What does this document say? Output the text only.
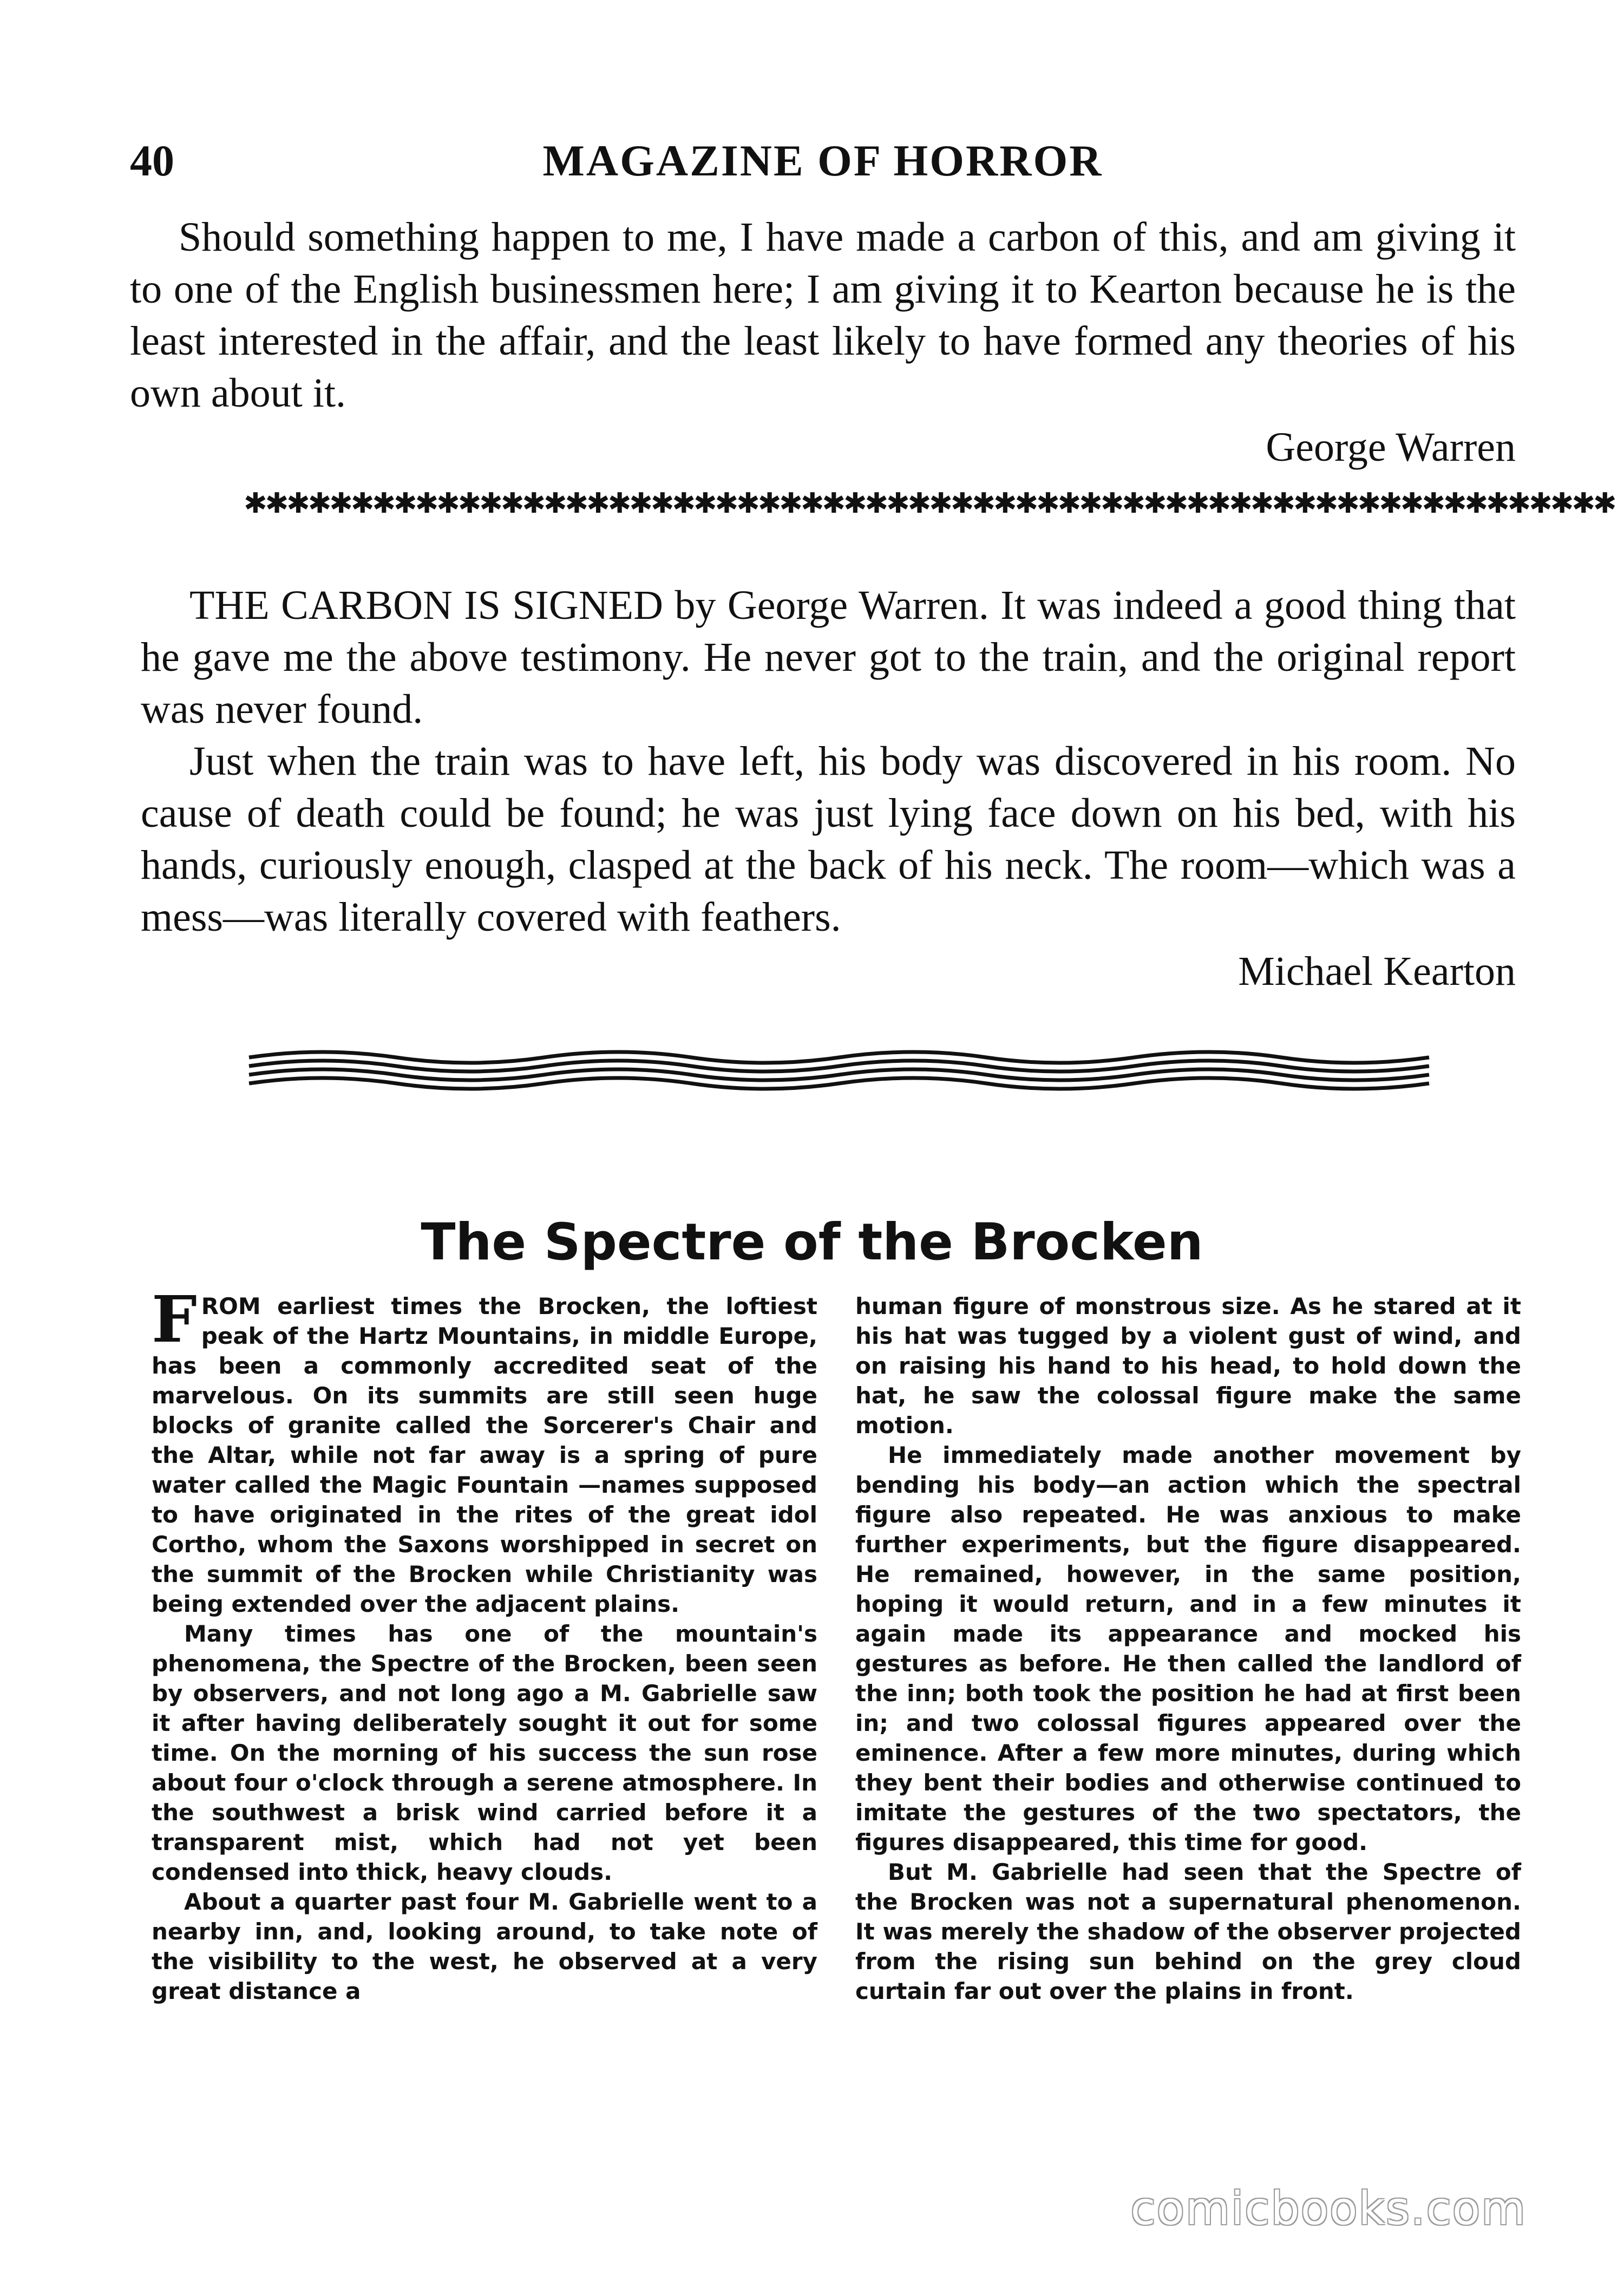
40	MAGAZINE OF HORROR

Should something happen to me, I have made a carbon of this, and am giving it to one of the English businessmen here; I am giving it to Kearton because he is the least interested in the affair, and the least likely to have formed any theories of his own about it.

George Warren
✱✱✱✱✱✱✱✱✱✱✱✱✱✱✱✱✱✱✱✱✱✱✱✱✱✱✱✱✱✱✱✱✱✱✱✱✱✱✱✱✱✱✱✱✱✱✱✱✱✱✱✱✱✱✱✱✱✱✱✱✱✱✱✱

THE CARBON IS SIGNED by George Warren. It was indeed a good thing that he gave me the above testimony. He never got to the train, and the original report was never found.

Just when the train was to have left, his body was discovered in his room. No cause of death could be found; he was just lying face down on his bed, with his hands, curiously enough, clasped at the back of his neck. The room—which was a mess—was literally covered with feathers.

Michael Kearton
The Spectre of the Brocken

FROM earliest times the Brocken, the loftiest peak of the Hartz Mountains, in middle Europe, has been a commonly accredited seat of the marvelous. On its summits are still seen huge blocks of granite called the Sorcerer's Chair and the Altar, while not far away is a spring of pure water called the Magic Fountain —names supposed to have originated in the rites of the great idol Cortho, whom the Saxons worshipped in secret on the summit of the Brocken while Christianity was being extended over the adjacent plains.

Many times has one of the mountain's phenomena, the Spectre of the Brocken, been seen by observers, and not long ago a M. Gabrielle saw it after having deliberately sought it out for some time. On the morning of his success the sun rose about four o'clock through a serene atmosphere. In the southwest a brisk wind carried before it a transparent mist, which had not yet been condensed into thick, heavy clouds.

About a quarter past four M. Gabrielle went to a nearby inn, and, looking around, to take note of the visibility to the west, he observed at a very great distance a

human figure of monstrous size. As he stared at it his hat was tugged by a violent gust of wind, and on raising his hand to his head, to hold down the hat, he saw the colossal figure make the same motion.

He immediately made another movement by bending his body—an action which the spectral figure also repeated. He was anxious to make further experiments, but the figure disappeared. He remained, however, in the same position, hoping it would return, and in a few minutes it again made its appearance and mocked his gestures as before. He then called the landlord of the inn; both took the position he had at first been in; and two colossal figures appeared over the eminence. After a few more minutes, during which they bent their bodies and otherwise continued to imitate the gestures of the two spectators, the figures disappeared, this time for good.

But M. Gabrielle had seen that the Spectre of the Brocken was not a supernatural phenomenon. It was merely the shadow of the observer projected from the rising sun behind on the grey cloud curtain far out over the plains in front.

comicbooks.com
